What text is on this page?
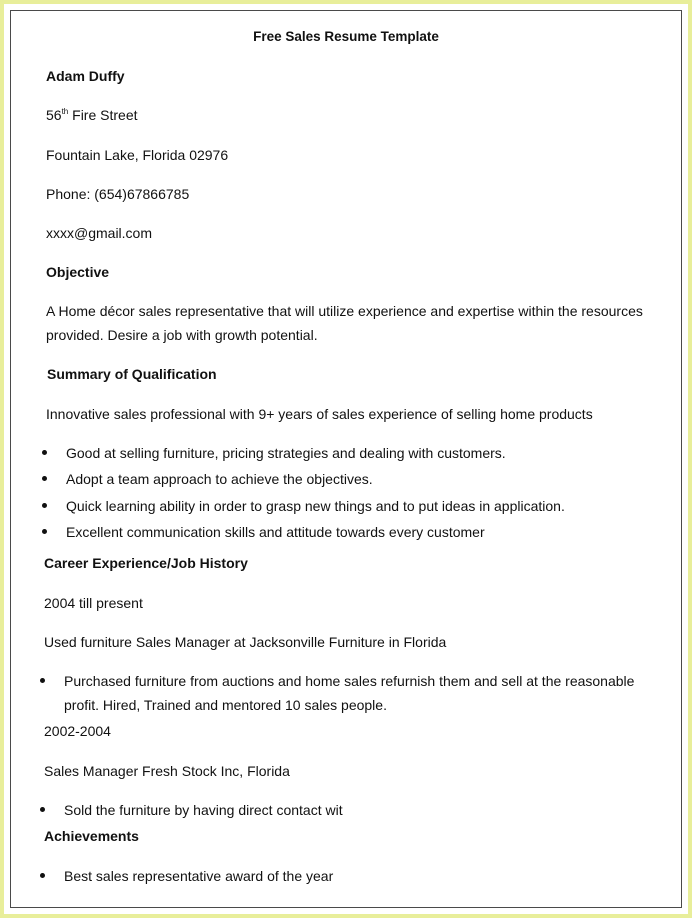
Free Sales Resume Template
Adam Duffy
56th Fire Street
Fountain Lake, Florida 02976
Phone: (654)67866785
xxxx@gmail.com
Objective
A Home décor sales representative that will utilize experience and expertise within the resources
provided. Desire a job with growth potential.
Summary of Qualification
Innovative sales professional with 9+ years of sales experience of selling home products
Good at selling furniture, pricing strategies and dealing with customers.
Adopt a team approach to achieve the objectives.
Quick learning ability in order to grasp new things and to put ideas in application.
Excellent communication skills and attitude towards every customer
Career Experience/Job History
2004 till present
Used furniture Sales Manager at Jacksonville Furniture in Florida
Purchased furniture from auctions and home sales refurnish them and sell at the reasonable
profit. Hired, Trained and mentored 10 sales people.
2002-2004
Sales Manager Fresh Stock Inc, Florida
Sold the furniture by having direct contact wit
Achievements
Best sales representative award of the year
